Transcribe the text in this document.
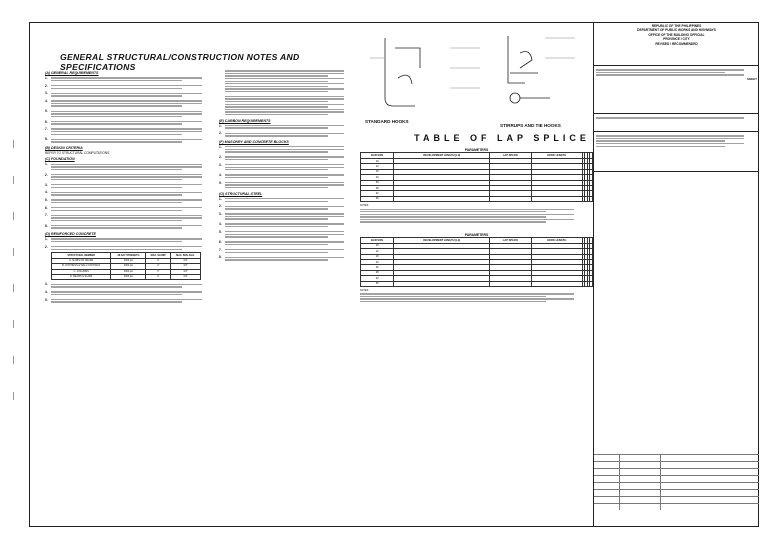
GENERAL STRUCTURAL/CONSTRUCTION NOTES AND SPECIFICATIONS
(A) GENERAL REQUIREMENTS
1.
2.
3.
4.
5.
6.
7.
8.
(B) DESIGN CRITERIA
REFER TO STRUCTURAL COMPUTATIONS.
(C) FOUNDATION
1.
2.
3.
4.
5.
6.
7.
8.
(D) REINFORCED CONCRETE
1.
2.
STRUCTURAL MEMBER	28 DAY STRENGTH	MAX. SLUMP	MAX. SIZE AGG.
A. SLABS ON GRADE	3000 psi	4"	3/4"
B. FOOTINGS & WALL FOOTINGS	3000 psi	4"	3/4"
C. COLUMNS	3000 psi	4"	3/4"
D. BEAMS & SLABS	3000 psi	4"	3/4"
3.
4.
5.

(E) CARBON REQUIREMENTS
1.
2.
(F) MASONRY AND CONCRETE BLOCKS
1.
2.
3.
4.
5.
(G) STRUCTURAL STEEL
1.
2.
3.
4.
5.
6.
7.
8.
STANDARD HOOKS
STIRRUPS AND TIE HOOKS
TABLE OF LAP SPLICE
PARAMETERS
BAR SIZE	DEVELOPMENT LENGTH (Ld)	LAP SPLICE	HOOK LENGTH				
10							
12							
16							
20							
25							
28							
32							
36							
NOTES:
PARAMETERS
BAR SIZE	DEVELOPMENT LENGTH (Ld)	LAP SPLICE	HOOK LENGTH				
10							
12							
16							
20							
25							
28							
32							
36							
NOTES:
REPUBLIC OF THE PHILIPPINES
DEPARTMENT OF PUBLIC WORKS AND HIGHWAYS
OFFICE OF THE BUILDING OFFICIAL
PROVINCE / CITY
REVISED / RECOMMENDED
SHEET
